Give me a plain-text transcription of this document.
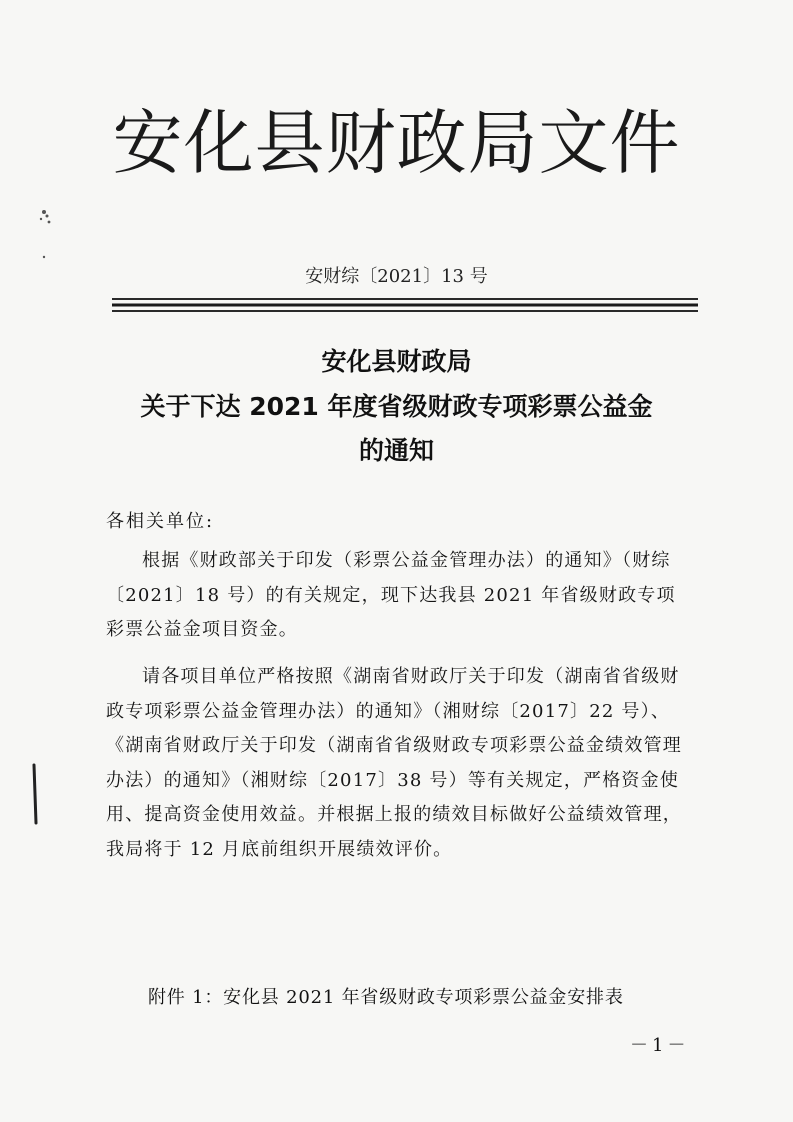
安化县财政局文件
安财综〔2021〕13 号
安化县财政局
关于下达 2021 年度省级财政专项彩票公益金
的通知
各相关单位:

根据《财政部关于印发（彩票公益金管理办法）的通知》（财综〔2021〕18 号）的有关规定，现下达我县 2021 年省级财政专项彩票公益金项目资金。

请各项目单位严格按照《湖南省财政厅关于印发（湖南省省级财政专项彩票公益金管理办法）的通知》（湘财综〔2017〕22 号）、《湖南省财政厅关于印发（湖南省省级财政专项彩票公益金绩效管理办法）的通知》（湘财综〔2017〕38 号）等有关规定，严格资金使用、提高资金使用效益。并根据上报的绩效目标做好公益绩效管理，我局将于 12 月底前组织开展绩效评价。

附件 1：安化县 2021 年省级财政专项彩票公益金安排表
－1－
